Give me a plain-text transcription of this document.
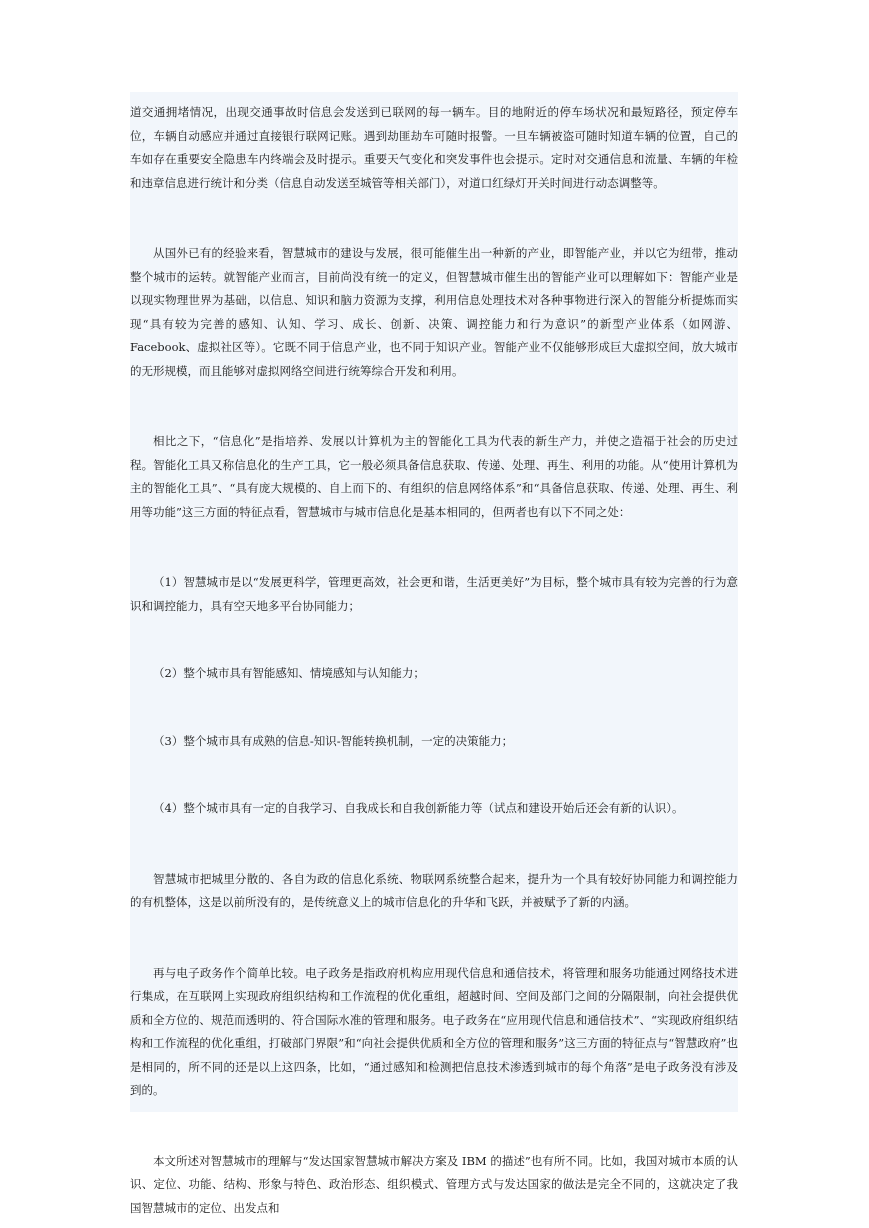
道交通拥堵情况，出现交通事故时信息会发送到已联网的每一辆车。目的地附近的停车场状况和最短路径，预定停车位，车辆自动感应并通过直接银行联网记账。遇到劫匪劫车可随时报警。一旦车辆被盗可随时知道车辆的位置，自己的车如存在重要安全隐患车内终端会及时提示。重要天气变化和突发事件也会提示。定时对交通信息和流量、车辆的年检和违章信息进行统计和分类（信息自动发送至城管等相关部门），对道口红绿灯开关时间进行动态调整等。

从国外已有的经验来看，智慧城市的建设与发展，很可能催生出一种新的产业，即智能产业，并以它为纽带，推动整个城市的运转。就智能产业而言，目前尚没有统一的定义，但智慧城市催生出的智能产业可以理解如下：智能产业是以现实物理世界为基础，以信息、知识和脑力资源为支撑，利用信息处理技术对各种事物进行深入的智能分析提炼而实现“具有较为完善的感知、认知、学习、成长、创新、决策、调控能力和行为意识”的新型产业体系（如网游、Facebook、虚拟社区等）。它既不同于信息产业，也不同于知识产业。智能产业不仅能够形成巨大虚拟空间，放大城市的无形规模，而且能够对虚拟网络空间进行统筹综合开发和利用。

相比之下，“信息化”是指培养、发展以计算机为主的智能化工具为代表的新生产力，并使之造福于社会的历史过程。智能化工具又称信息化的生产工具，它一般必须具备信息获取、传递、处理、再生、利用的功能。从“使用计算机为主的智能化工具”、“具有庞大规模的、自上而下的、有组织的信息网络体系”和“具备信息获取、传递、处理、再生、利用等功能”这三方面的特征点看，智慧城市与城市信息化是基本相同的，但两者也有以下不同之处：

（1）智慧城市是以“发展更科学，管理更高效，社会更和谐，生活更美好”为目标，整个城市具有较为完善的行为意识和调控能力，具有空天地多平台协同能力；

（2）整个城市具有智能感知、情境感知与认知能力；

（3）整个城市具有成熟的信息-知识-智能转换机制，一定的决策能力；

（4）整个城市具有一定的自我学习、自我成长和自我创新能力等（试点和建设开始后还会有新的认识）。

智慧城市把城里分散的、各自为政的信息化系统、物联网系统整合起来，提升为一个具有较好协同能力和调控能力的有机整体，这是以前所没有的，是传统意义上的城市信息化的升华和飞跃，并被赋予了新的内涵。

再与电子政务作个简单比较。电子政务是指政府机构应用现代信息和通信技术，将管理和服务功能通过网络技术进行集成，在互联网上实现政府组织结构和工作流程的优化重组，超越时间、空间及部门之间的分隔限制，向社会提供优质和全方位的、规范而透明的、符合国际水准的管理和服务。电子政务在“应用现代信息和通信技术”、“实现政府组织结构和工作流程的优化重组，打破部门界限”和“向社会提供优质和全方位的管理和服务”这三方面的特征点与“智慧政府”也是相同的，所不同的还是以上这四条，比如，“通过感知和检测把信息技术渗透到城市的每个角落”是电子政务没有涉及到的。

本文所述对智慧城市的理解与“发达国家智慧城市解决方案及 IBM 的描述”也有所不同。比如，我国对城市本质的认识、定位、功能、结构、形象与特色、政治形态、组织模式、管理方式与发达国家的做法是完全不同的，这就决定了我国智慧城市的定位、出发点和
